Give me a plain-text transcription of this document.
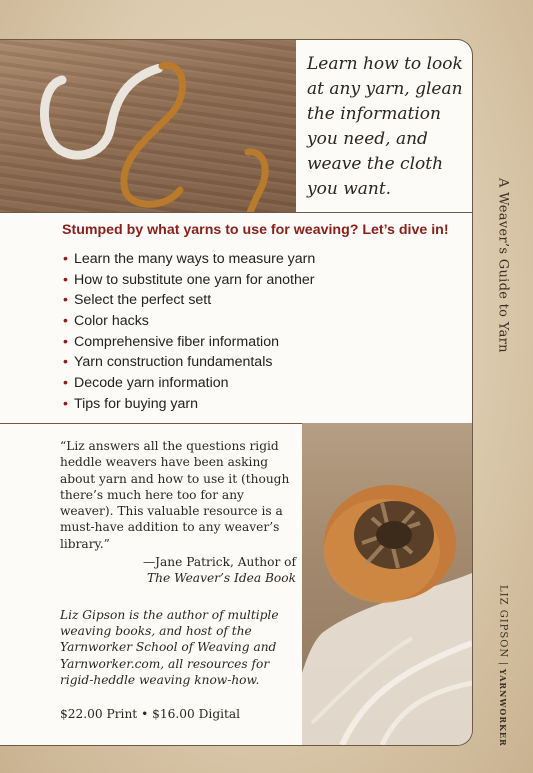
Learn how to look at any yarn, glean the information you need, and weave the cloth you want.

Stumped by what yarns to use for weaving? Let’s dive in!
• Learn the many ways to measure yarn
• How to substitute one yarn for another
• Select the perfect sett
• Color hacks
• Comprehensive fiber information
• Yarn construction fundamentals
• Decode yarn information
• Tips for buying yarn

“Liz answers all the questions rigid heddle weavers have been asking about yarn and how to use it (though there’s much here too for any weaver). This valuable resource is a must-have addition to any weaver’s library.”

—Jane Patrick, Author of
The Weaver’s Idea Book

Liz Gipson is the author of multiple weaving books, and host of the Yarnworker School of Weaving and Yarnworker.com, all resources for rigid-heddle weaving know-how.

$22.00 Print • $16.00 Digital

A Weaver’s Guide to Yarn
LIZ GIPSON
|
YARNWORKER
